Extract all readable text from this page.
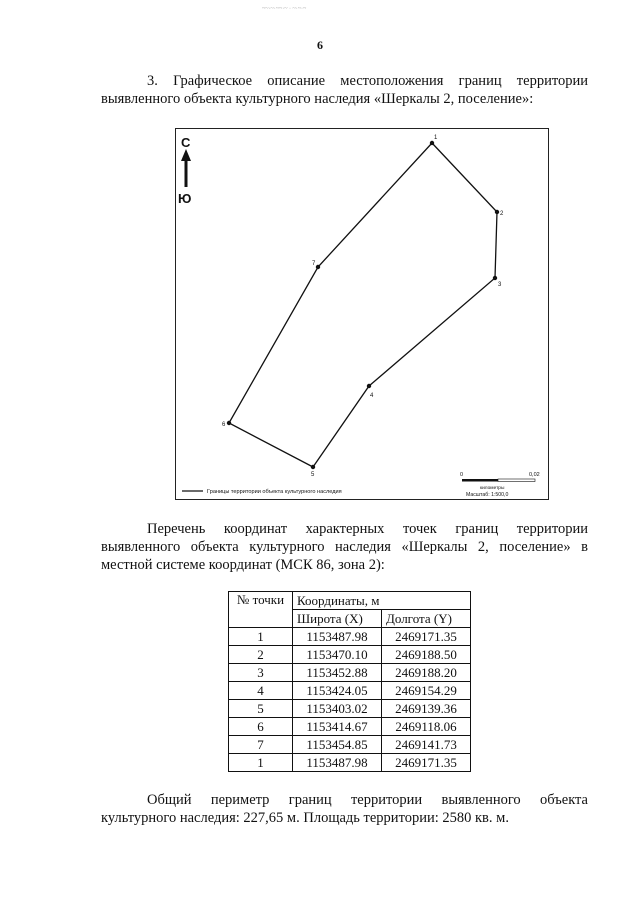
~~·~·~~·~ · ~·~·~
6
3. Графическое описание местоположения границ территории
выявленного объекта культурного наследия «Шеркалы 2, поселение»:
С
Ю
1
2
3
4
5
6
7
Границы территории объекта культурного наследия
0	0,02
километры
Масштаб: 1:500,0
Перечень координат характерных точек границ территории
выявленного объекта культурного наследия «Шеркалы 2, поселение» в
местной системе координат (МСК 86, зона 2):
№ точки	Координаты, м	
	Широта (X)	Долгота (Y)
1	1153487.98	2469171.35
2	1153470.10	2469188.50
3	1153452.88	2469188.20
4	1153424.05	2469154.29
5	1153403.02	2469139.36
6	1153414.67	2469118.06
7	1153454.85	2469141.73
1	1153487.98	2469171.35
Общий периметр границ территории выявленного объекта
культурного наследия: 227,65 м. Площадь территории: 2580 кв. м.
